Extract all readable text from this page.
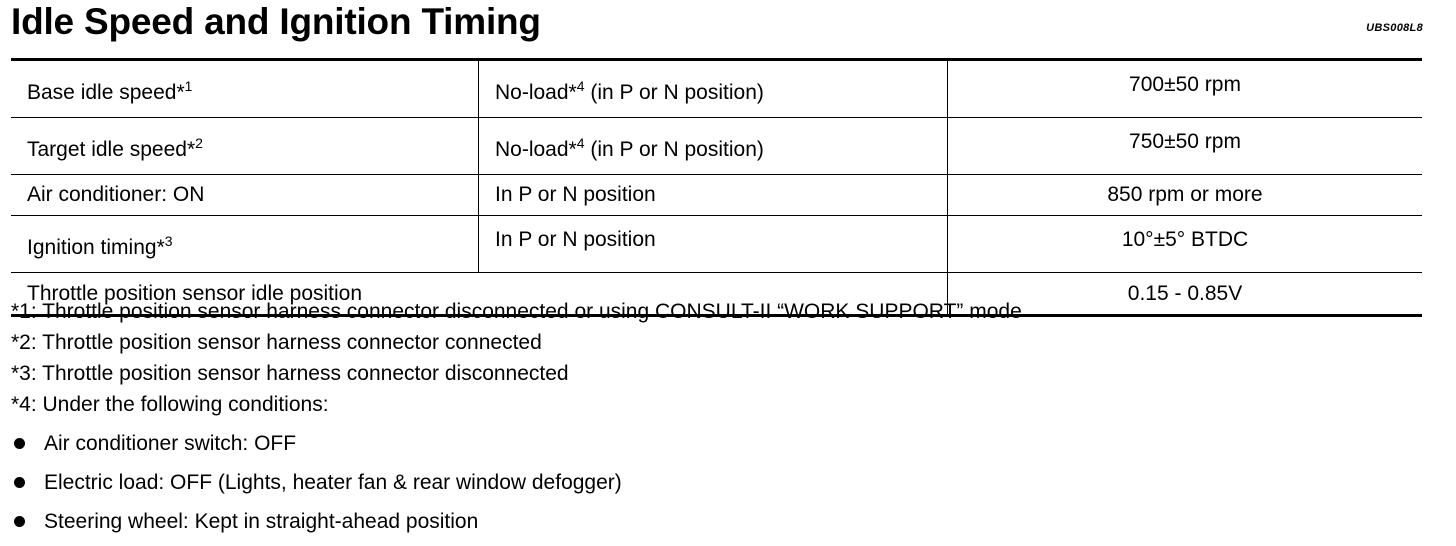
Idle Speed and Ignition Timing	UBS008L8
Base idle speed*$^1$	No-load*$^4$ (in P or N position)	700±50 rpm
Target idle speed*$^2$	No-load*$^4$ (in P or N position)	750±50 rpm
Air conditioner: ON	In P or N position	850 rpm or more
Ignition timing*$^3$	In P or N position	10°±5° BTDC
Throttle position sensor idle position		0.15 - 0.85V
*1: Throttle position sensor harness connector disconnected or using CONSULT-II “WORK SUPPORT” mode
*2: Throttle position sensor harness connector connected
*3: Throttle position sensor harness connector disconnected
*4: Under the following conditions:
Air conditioner switch: OFF
Electric load: OFF (Lights, heater fan & rear window defogger)
Steering wheel: Kept in straight-ahead position
